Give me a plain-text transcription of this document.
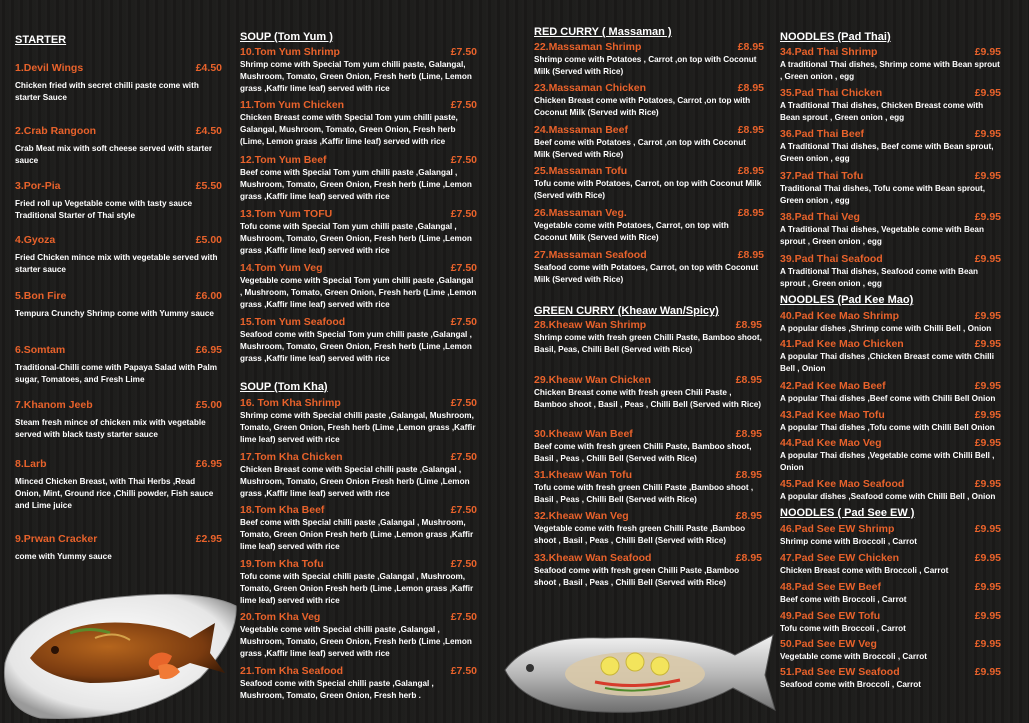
STARTER
1.Devil Wings	£4.50
Chicken fried with secret chilli paste come with starter Sauce
2.Crab Rangoon	£4.50
Crab Meat mix with soft cheese served with starter sauce
3.Por-Pia	£5.50
Fried roll up Vegetable come with tasty sauce Traditional Starter of Thai style
4.Gyoza	£5.00
Fried Chicken mince mix with vegetable served with starter sauce
5.Bon Fire	£6.00
Tempura Crunchy Shrimp come with Yummy sauce
6.Somtam	£6.95
Traditional-Chilli come with Papaya Salad with Palm sugar, Tomatoes, and Fresh Lime
7.Khanom Jeeb	£5.00
Steam fresh mince of chicken mix with vegetable served with black tasty starter sauce
8.Larb	£6.95
Minced Chicken Breast, with Thai Herbs ,Read Onion, Mint, Ground rice ,Chilli powder, Fish sauce and Lime juice
9.Prwan Cracker	£2.95
come with Yummy sauce
SOUP (Tom Yum )
10.Tom Yum Shrimp	£7.50
Shrimp come with Special Tom yum chilli paste, Galangal, Mushroom, Tomato, Green Onion, Fresh herb (Lime, Lemon grass ,Kaffir lime leaf) served with rice
11.Tom Yum Chicken	£7.50
Chicken Breast come with Special Tom yum chilli paste, Galangal, Mushroom, Tomato, Green Onion, Fresh herb (Lime, Lemon grass ,Kaffir lime leaf) served with rice
12.Tom Yum Beef	£7.50
Beef come with Special Tom yum chilli paste ,Galangal , Mushroom, Tomato, Green Onion, Fresh herb (Lime ,Lemon grass ,Kaffir lime leaf) served with rice
13.Tom Yum TOFU	£7.50
Tofu come with Special Tom yum chilli paste ,Galangal , Mushroom, Tomato, Green Onion, Fresh herb (Lime ,Lemon grass ,Kaffir lime leaf) served with rice
14.Tom Yum Veg	£7.50
Vegetable come with Special Tom yum chilli paste ,Galangal , Mushroom, Tomato, Green Onion, Fresh herb (Lime ,Lemon grass ,Kaffir lime leaf) served with rice
15.Tom Yum Seafood	£7.50
Seafood come with Special Tom yum chilli paste ,Galangal , Mushroom, Tomato, Green Onion, Fresh herb (Lime ,Lemon grass ,Kaffir lime leaf) served with rice
SOUP (Tom Kha)
16. Tom Kha Shrimp	£7.50
Shrimp come with Special chilli paste ,Galangal, Mushroom, Tomato, Green Onion, Fresh herb (Lime ,Lemon grass ,Kaffir lime leaf) served with rice
17.Tom Kha Chicken	£7.50
Chicken Breast come with Special chilli paste ,Galangal , Mushroom, Tomato, Green Onion Fresh herb (Lime ,Lemon grass ,Kaffir lime leaf) served with rice
18.Tom Kha Beef	£7.50
Beef come with Special chilli paste ,Galangal , Mushroom, Tomato, Green Onion Fresh herb (Lime ,Lemon grass ,Kaffir lime leaf) served with rice
19.Tom Kha Tofu	£7.50
Tofu come with Special chilli paste ,Galangal , Mushroom, Tomato, Green Onion Fresh herb (Lime ,Lemon grass ,Kaffir lime leaf) served with rice
20.Tom Kha Veg	£7.50
Vegetable come with Special chilli paste ,Galangal , Mushroom, Tomato, Green Onion, Fresh herb (Lime ,Lemon grass ,Kaffir lime leaf) served with rice
21.Tom Kha Seafood	£7.50
Seafood come with Special chilli paste ,Galangal , Mushroom, Tomato, Green Onion, Fresh herb .
RED CURRY ( Massaman )
22.Massaman Shrimp	£8.95
Shrimp come with Potatoes , Carrot ,on top with Coconut Milk (Served with Rice)
23.Massaman Chicken	£8.95
Chicken Breast come with Potatoes, Carrot ,on top with Coconut Milk (Served with Rice)
24.Massaman Beef	£8.95
Beef come with Potatoes , Carrot ,on top with Coconut Milk (Served with Rice)
25.Massaman Tofu	£8.95
Tofu come with Potatoes, Carrot, on top with Coconut Milk (Served with Rice)
26.Massaman Veg.	£8.95
Vegetable come with Potatoes, Carrot, on top with Coconut Milk (Served with Rice)
27.Massaman Seafood	£8.95
Seafood come with Potatoes, Carrot, on top with Coconut Milk (Served with Rice)
GREEN CURRY (Kheaw Wan/Spicy)
28.Kheaw Wan Shrimp	£8.95
Shrimp come with fresh green Chilli Paste, Bamboo shoot, Basil, Peas, Chilli Bell (Served with Rice)
29.Kheaw Wan Chicken	£8.95
Chicken Breast come with fresh green Chili Paste , Bamboo shoot , Basil , Peas , Chilli Bell (Served with Rice)
30.Kheaw Wan Beef	£8.95
Beef come with fresh green Chilli Paste, Bamboo shoot, Basil , Peas , Chilli Bell (Served with Rice)
31.Kheaw Wan Tofu	£8.95
Tofu come with fresh green Chilli Paste ,Bamboo shoot , Basil , Peas , Chilli Bell (Served with Rice)
32.Kheaw Wan Veg	£8.95
Vegetable come with fresh green Chilli Paste ,Bamboo shoot , Basil , Peas , Chilli Bell (Served with Rice)
33.Kheaw Wan Seafood	£8.95
Seafood come with fresh green Chilli Paste ,Bamboo shoot , Basil , Peas , Chilli Bell (Served with Rice)
NOODLES (Pad Thai)
34.Pad Thai Shrimp	£9.95
A traditional Thai dishes, Shrimp come with Bean sprout , Green onion , egg
35.Pad Thai Chicken	£9.95
A Traditional Thai dishes, Chicken Breast come with Bean sprout , Green onion , egg
36.Pad Thai Beef	£9.95
A Traditional Thai dishes, Beef come with Bean sprout, Green onion , egg
37.Pad Thai Tofu	£9.95
Traditional Thai dishes, Tofu come with Bean sprout, Green onion , egg
38.Pad Thai Veg	£9.95
A Traditional Thai dishes, Vegetable come with Bean sprout , Green onion , egg
39.Pad Thai Seafood	£9.95
A Traditional Thai dishes, Seafood come with Bean sprout , Green onion , egg
NOODLES (Pad Kee Mao)
40.Pad Kee Mao Shrimp	£9.95
A popular dishes ,Shrimp come with Chilli Bell , Onion
41.Pad Kee Mao Chicken	£9.95
A popular Thai dishes ,Chicken Breast come with Chilli Bell , Onion
42.Pad Kee Mao Beef	£9.95
A popular Thai dishes ,Beef come with Chilli Bell Onion
43.Pad Kee Mao Tofu	£9.95
A popular Thai dishes ,Tofu come with Chilli Bell Onion
44.Pad Kee Mao Veg	£9.95
A popular Thai dishes ,Vegetable come with Chilli Bell , Onion
45.Pad Kee Mao Seafood	£9.95
A popular dishes ,Seafood come with Chilli Bell , Onion
NOODLES ( Pad See EW )
46.Pad See EW Shrimp	£9.95
Shrimp come with Broccoli , Carrot
47.Pad See EW Chicken	£9.95
Chicken Breast come with Broccoli , Carrot
48.Pad See EW Beef	£9.95
Beef come with Broccoli , Carrot
49.Pad See EW Tofu	£9.95
Tofu come with Broccoli , Carrot
50.Pad See EW Veg	£9.95
Vegetable come with Broccoli , Carrot
51.Pad See EW Seafood	£9.95
Seafood come with Broccoli , Carrot
